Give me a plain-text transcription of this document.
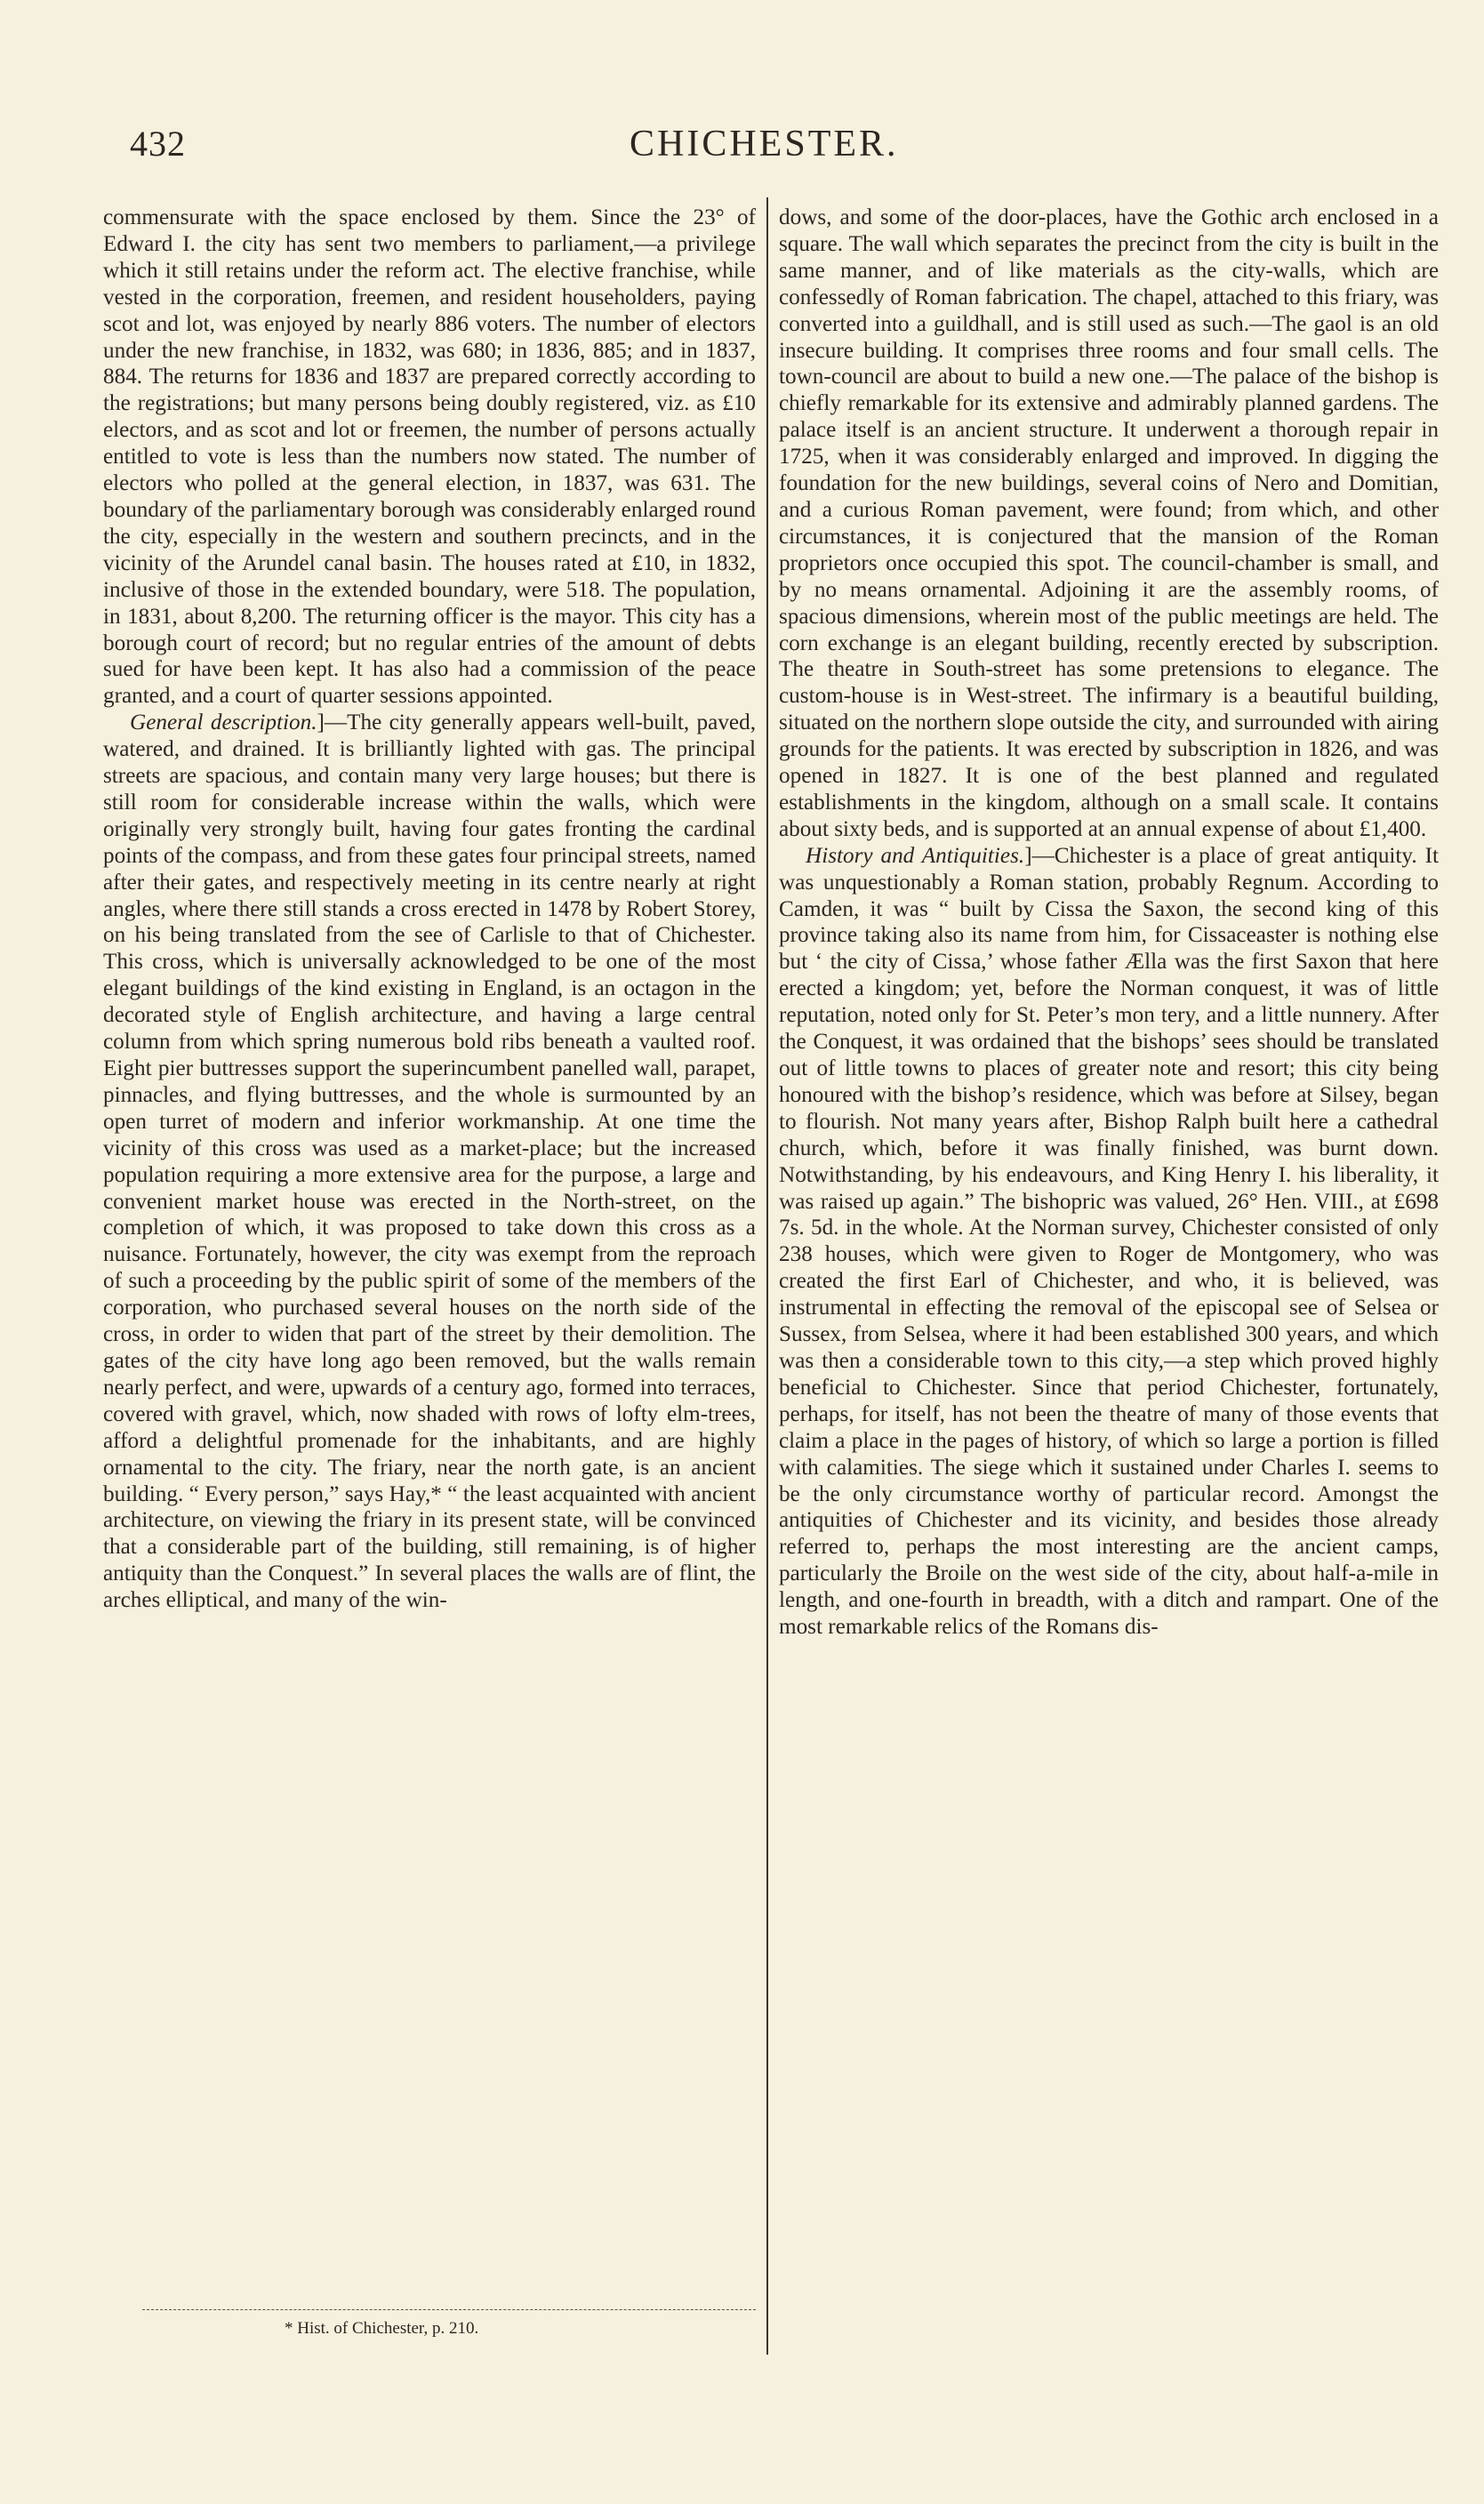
432	CHICHESTER.

commensurate with the space enclosed by them. Since the 23° of Edward I. the city has sent two members to parliament,—a privilege which it still retains under the reform act. The elective franchise, while vested in the corporation, freemen, and resident householders, paying scot and lot, was enjoyed by nearly 886 voters. The number of electors under the new franchise, in 1832, was 680; in 1836, 885; and in 1837, 884. The returns for 1836 and 1837 are prepared correctly according to the registrations; but many persons being doubly registered, viz. as £10 electors, and as scot and lot or freemen, the number of persons actually entitled to vote is less than the numbers now stated. The number of electors who polled at the general election, in 1837, was 631. The boundary of the parliamentary borough was considerably enlarged round the city, especially in the western and southern precincts, and in the vicinity of the Arundel canal basin. The houses rated at £10, in 1832, inclusive of those in the extended boundary, were 518. The population, in 1831, about 8,200. The returning officer is the mayor. This city has a borough court of record; but no regular entries of the amount of debts sued for have been kept. It has also had a commission of the peace granted, and a court of quarter sessions appointed.

General description.]—The city generally appears well-built, paved, watered, and drained. It is brilliantly lighted with gas. The principal streets are spacious, and contain many very large houses; but there is still room for considerable increase within the walls, which were originally very strongly built, having four gates fronting the cardinal points of the compass, and from these gates four principal streets, named after their gates, and respectively meeting in its centre nearly at right angles, where there still stands a cross erected in 1478 by Robert Storey, on his being translated from the see of Carlisle to that of Chichester. This cross, which is universally acknowledged to be one of the most elegant buildings of the kind existing in England, is an octagon in the decorated style of English architecture, and having a large central column from which spring numerous bold ribs beneath a vaulted roof. Eight pier buttresses support the superincumbent panelled wall, parapet, pinnacles, and flying buttresses, and the whole is surmounted by an open turret of modern and inferior workmanship. At one time the vicinity of this cross was used as a market-place; but the increased population requiring a more extensive area for the purpose, a large and convenient market house was erected in the North-street, on the completion of which, it was proposed to take down this cross as a nuisance. Fortunately, however, the city was exempt from the reproach of such a proceeding by the public spirit of some of the members of the corporation, who purchased several houses on the north side of the cross, in order to widen that part of the street by their demolition. The gates of the city have long ago been removed, but the walls remain nearly perfect, and were, upwards of a century ago, formed into terraces, covered with gravel, which, now shaded with rows of lofty elm-trees, afford a delightful promenade for the inhabitants, and are highly ornamental to the city. The friary, near the north gate, is an ancient building. “ Every person,” says Hay,* “ the least acquainted with ancient architecture, on viewing the friary in its present state, will be convinced that a considerable part of the building, still remaining, is of higher antiquity than the Conquest.” In several places the walls are of flint, the arches elliptical, and many of the win-

dows, and some of the door-places, have the Gothic arch enclosed in a square. The wall which separates the precinct from the city is built in the same manner, and of like materials as the city-walls, which are confessedly of Roman fabrication. The chapel, attached to this friary, was converted into a guildhall, and is still used as such.—The gaol is an old insecure building. It comprises three rooms and four small cells. The town-council are about to build a new one.—The palace of the bishop is chiefly remarkable for its extensive and admirably planned gardens. The palace itself is an ancient structure. It underwent a thorough repair in 1725, when it was considerably enlarged and improved. In digging the foundation for the new buildings, several coins of Nero and Domitian, and a curious Roman pavement, were found; from which, and other circumstances, it is conjectured that the mansion of the Roman proprietors once occupied this spot. The council-chamber is small, and by no means ornamental. Adjoining it are the assembly rooms, of spacious dimensions, wherein most of the public meetings are held. The corn exchange is an elegant building, recently erected by subscription. The theatre in South-street has some pretensions to elegance. The custom-house is in West-street. The infirmary is a beautiful building, situated on the northern slope outside the city, and surrounded with airing grounds for the patients. It was erected by subscription in 1826, and was opened in 1827. It is one of the best planned and regulated establishments in the kingdom, although on a small scale. It contains about sixty beds, and is supported at an annual expense of about £1,400.

History and Antiquities.]—Chichester is a place of great antiquity. It was unquestionably a Roman station, probably Regnum. According to Camden, it was “ built by Cissa the Saxon, the second king of this province taking also its name from him, for Cissaceaster is nothing else but ‘ the city of Cissa,’ whose father Ælla was the first Saxon that here erected a kingdom; yet, before the Norman conquest, it was of little reputation, noted only for St. Peter’s mon tery, and a little nunnery. After the Conquest, it was ordained that the bishops’ sees should be translated out of little towns to places of greater note and resort; this city being honoured with the bishop’s residence, which was before at Silsey, began to flourish. Not many years after, Bishop Ralph built here a cathedral church, which, before it was finally finished, was burnt down. Notwithstanding, by his endeavours, and King Henry I. his liberality, it was raised up again.” The bishopric was valued, 26° Hen. VIII., at £698 7s. 5d. in the whole. At the Norman survey, Chichester consisted of only 238 houses, which were given to Roger de Montgomery, who was created the first Earl of Chichester, and who, it is believed, was instrumental in effecting the removal of the episcopal see of Selsea or Sussex, from Selsea, where it had been established 300 years, and which was then a considerable town to this city,—a step which proved highly beneficial to Chichester. Since that period Chichester, fortunately, perhaps, for itself, has not been the theatre of many of those events that claim a place in the pages of history, of which so large a portion is filled with calamities. The siege which it sustained under Charles I. seems to be the only circumstance worthy of particular record. Amongst the antiquities of Chichester and its vicinity, and besides those already referred to, perhaps the most interesting are the ancient camps, particularly the Broile on the west side of the city, about half-a-mile in length, and one-fourth in breadth, with a ditch and rampart. One of the most remarkable relics of the Romans dis-

* Hist. of Chichester, p. 210.
